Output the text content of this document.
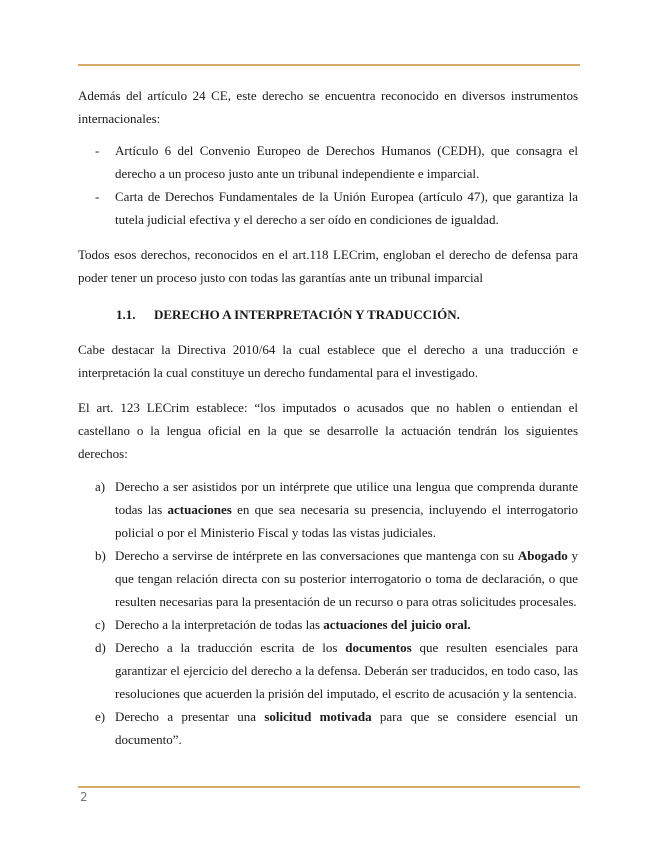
Además del artículo 24 CE, este derecho se encuentra reconocido en diversos instrumentos internacionales:

- Artículo 6 del Convenio Europeo de Derechos Humanos (CEDH), que consagra el derecho a un proceso justo ante un tribunal independiente e imparcial.
- Carta de Derechos Fundamentales de la Unión Europea (artículo 47), que garantiza la tutela judicial efectiva y el derecho a ser oído en condiciones de igualdad.

Todos esos derechos, reconocidos en el art.118 LECrim, engloban el derecho de defensa para poder tener un proceso justo con todas las garantías ante un tribunal imparcial

1.1. DERECHO A INTERPRETACIÓN Y TRADUCCIÓN.

Cabe destacar la Directiva 2010/64 la cual establece que el derecho a una traducción e interpretación la cual constituye un derecho fundamental para el investigado.

El art. 123 LECrim establece: “los imputados o acusados que no hablen o entiendan el castellano o la lengua oficial en la que se desarrolle la actuación tendrán los siguientes derechos:

a) Derecho a ser asistidos por un intérprete que utilice una lengua que comprenda durante todas las actuaciones en que sea necesaria su presencia, incluyendo el interrogatorio policial o por el Ministerio Fiscal y todas las vistas judiciales.
b) Derecho a servirse de intérprete en las conversaciones que mantenga con su Abogado y que tengan relación directa con su posterior interrogatorio o toma de declaración, o que resulten necesarias para la presentación de un recurso o para otras solicitudes procesales.
c) Derecho a la interpretación de todas las actuaciones del juicio oral.
d) Derecho a la traducción escrita de los documentos que resulten esenciales para garantizar el ejercicio del derecho a la defensa. Deberán ser traducidos, en todo caso, las resoluciones que acuerden la prisión del imputado, el escrito de acusación y la sentencia.
e) Derecho a presentar una solicitud motivada para que se considere esencial un documento”.
2
